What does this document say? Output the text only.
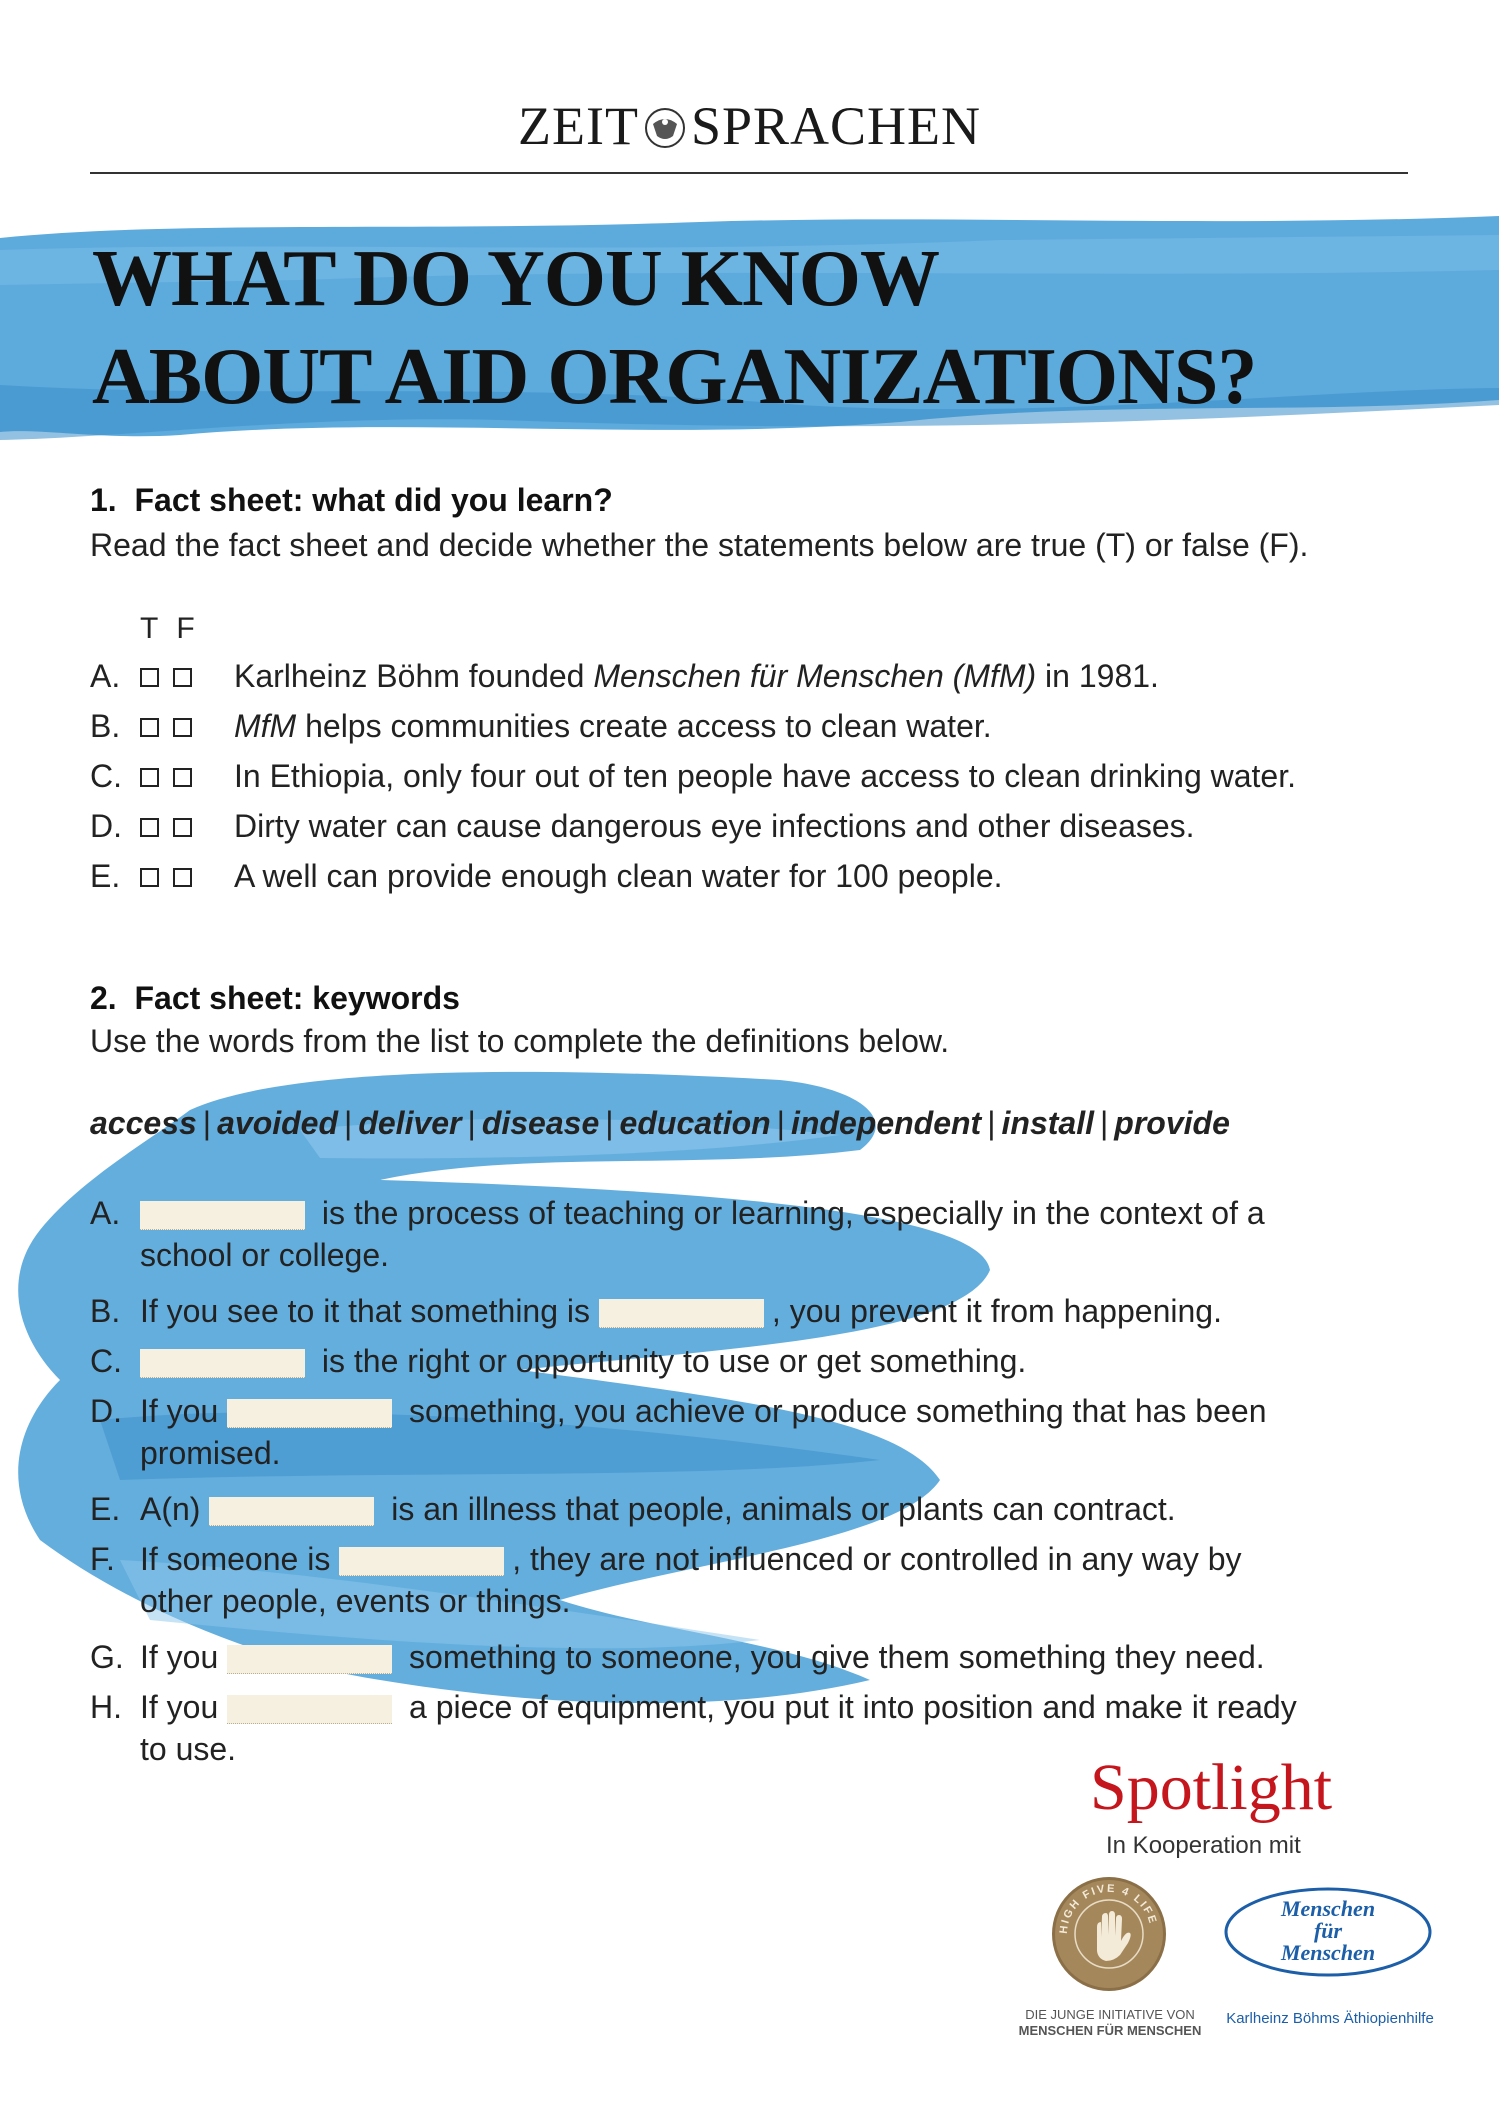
ZEIT SPRACHEN
WHAT DO YOU KNOW
ABOUT AID ORGANIZATIONS?
1.  Fact sheet: what did you learn?
Read the fact sheet and decide whether the statements below are true (T) or false (F).
T F
A.	Karlheinz Böhm founded Menschen für Menschen (MfM) in 1981.
B.	MfM helps communities create access to clean water.
C.	In Ethiopia, only four out of ten people have access to clean drinking water.
D.	Dirty water can cause dangerous eye infections and other diseases.
E.	A well can provide enough clean water for 100 people.
2.  Fact sheet: keywords
Use the words from the list to complete the definitions below.
access | avoided | deliver | disease | education | independent | install | provide
A.	is the process of teaching or learning, especially in the context of a
school or college.
B. If you see to it that something is	, you prevent it from happening.
C.	is the right or opportunity to use or get something.
D. If you	something, you achieve or produce something that has been
promised.
E. A(n)	is an illness that people, animals or plants can contract.
F. If someone is	, they are not influenced or controlled in any way by
other people, events or things.
G. If you	something to someone, you give them something they need.
H. If you	a piece of equipment, you put it into position and make it ready
to use.
Spotlight
In Kooperation mit
HIGH FIVE 4 LIFE
DIE JUNGE INITIATIVE VON
MENSCHEN FÜR MENSCHEN
Menschen
für
Menschen
Karlheinz Böhms Äthiopienhilfe
